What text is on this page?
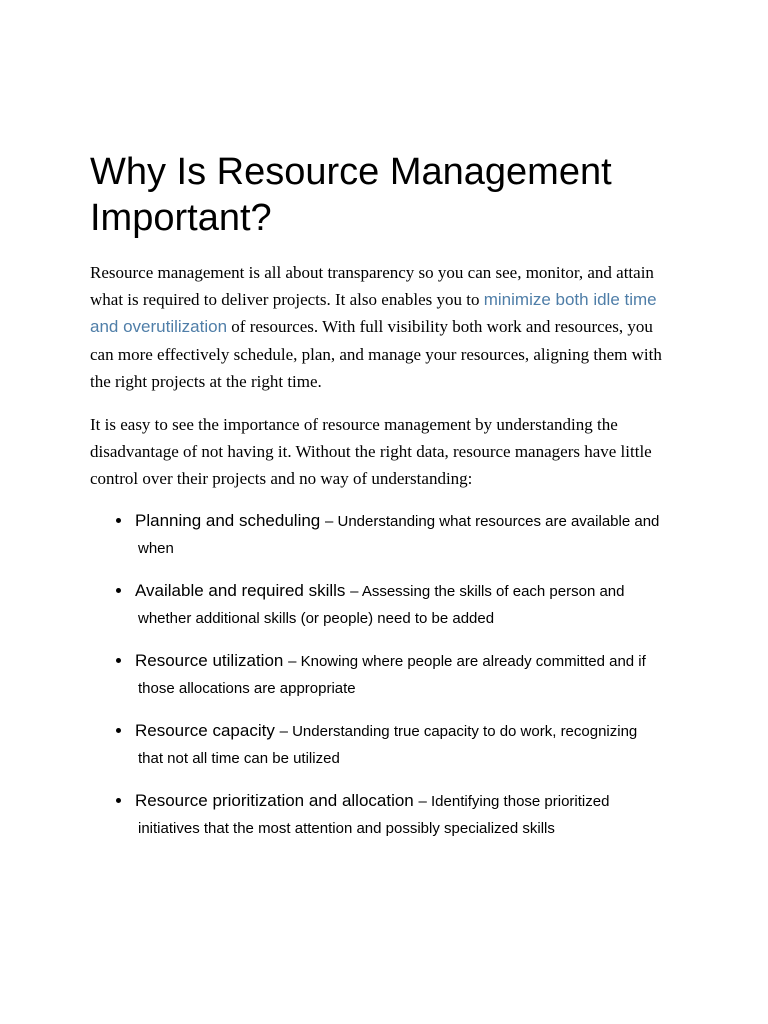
Why Is Resource Management Important?

Resource management is all about transparency so you can see, monitor, and attain what is required to deliver projects. It also enables you to minimize both idle time and overutilization of resources. With full visibility both work and resources, you can more effectively schedule, plan, and manage your resources, aligning them with the right projects at the right time.

It is easy to see the importance of resource management by understanding the disadvantage of not having it. Without the right data, resource managers have little control over their projects and no way of understanding:

Planning and scheduling – Understanding what resources are available and
when
Available and required skills – Assessing the skills of each person and
whether additional skills (or people) need to be added
Resource utilization – Knowing where people are already committed and if
those allocations are appropriate
Resource capacity – Understanding true capacity to do work, recognizing
that not all time can be utilized
Resource prioritization and allocation – Identifying those prioritized
initiatives that the most attention and possibly specialized skills
